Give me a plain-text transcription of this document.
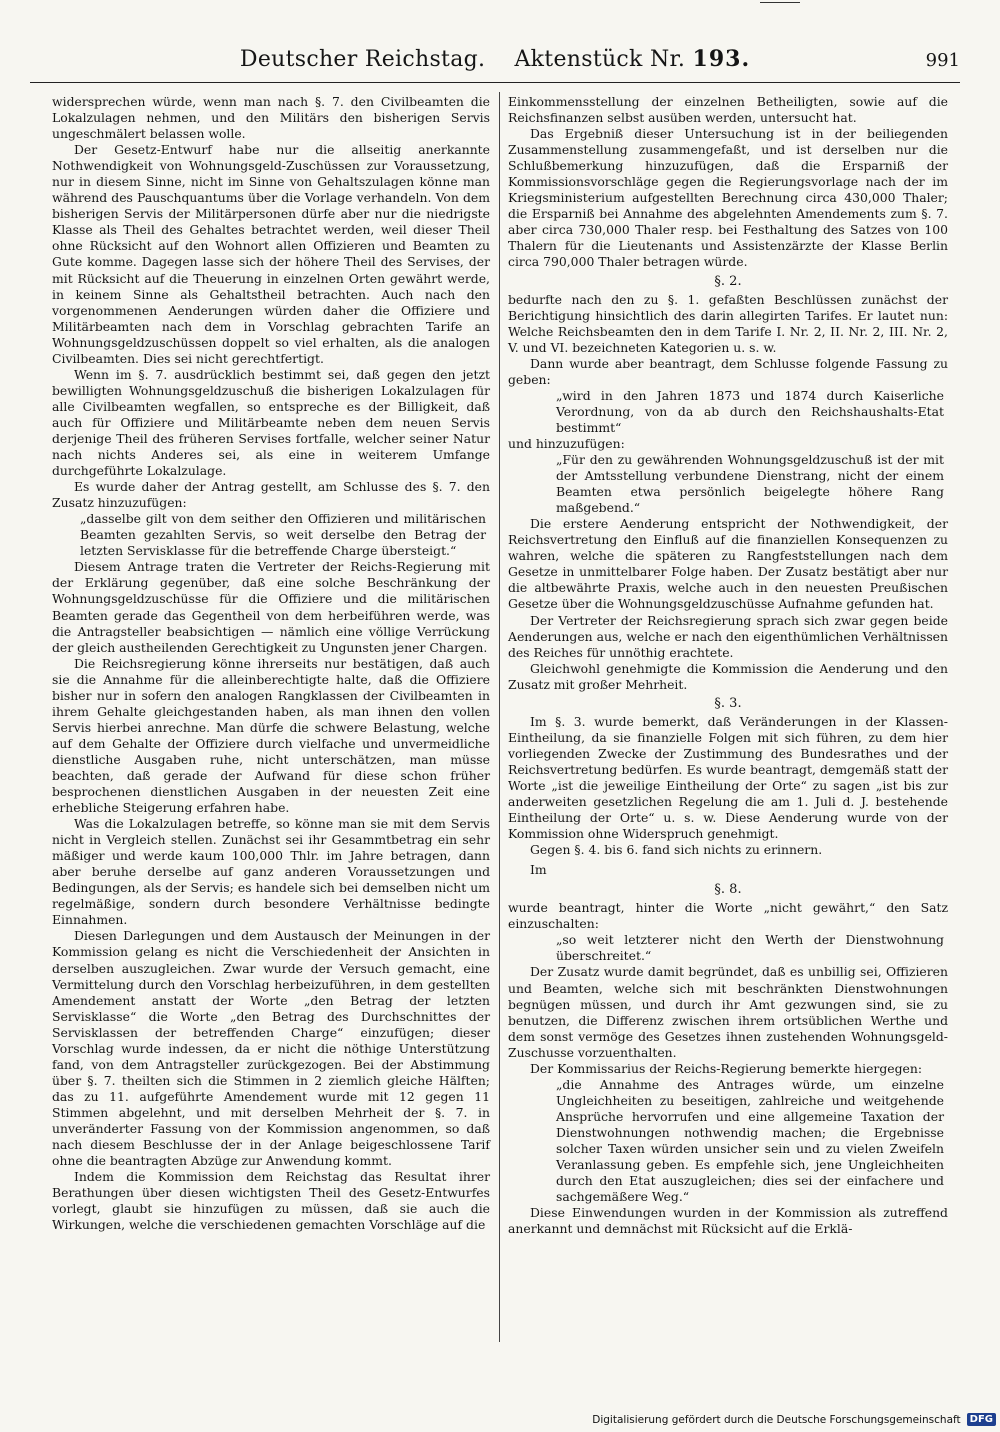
Deutscher Reichstag. Aktenstück Nr. 193.	991

widersprechen würde, wenn man nach §. 7. den Civilbeamten die Lokalzulagen nehmen, und den Militärs den bisherigen Servis ungeschmälert belassen wolle.

Der Gesetz-Entwurf habe nur die allseitig anerkannte Nothwendigkeit von Wohnungsgeld-Zuschüssen zur Voraussetzung, nur in diesem Sinne, nicht im Sinne von Gehaltszulagen könne man während des Pauschquantums über die Vorlage verhandeln. Von dem bisherigen Servis der Militärpersonen dürfe aber nur die niedrigste Klasse als Theil des Gehaltes betrachtet werden, weil dieser Theil ohne Rücksicht auf den Wohnort allen Offizieren und Beamten zu Gute komme. Dagegen lasse sich der höhere Theil des Servises, der mit Rücksicht auf die Theuerung in einzelnen Orten gewährt werde, in keinem Sinne als Gehaltstheil betrachten. Auch nach den vorgenommenen Aenderungen würden daher die Offiziere und Militärbeamten nach dem in Vorschlag gebrachten Tarife an Wohnungsgeldzuschüssen doppelt so viel erhalten, als die analogen Civilbeamten. Dies sei nicht gerechtfertigt.

Wenn im §. 7. ausdrücklich bestimmt sei, daß gegen den jetzt bewilligten Wohnungsgeldzuschuß die bisherigen Lokalzulagen für alle Civilbeamten wegfallen, so entspreche es der Billigkeit, daß auch für Offiziere und Militärbeamte neben dem neuen Servis derjenige Theil des früheren Servises fortfalle, welcher seiner Natur nach nichts Anderes sei, als eine in weiterem Umfange durchgeführte Lokalzulage.

Es wurde daher der Antrag gestellt, am Schlusse des §. 7. den Zusatz hinzuzufügen:

„dasselbe gilt von dem seither den Offizieren und militärischen Beamten gezahlten Servis, so weit derselbe den Betrag der letzten Servisklasse für die betreffende Charge übersteigt.“

Diesem Antrage traten die Vertreter der Reichs-Regierung mit der Erklärung gegenüber, daß eine solche Beschränkung der Wohnungsgeldzuschüsse für die Offiziere und die militärischen Beamten gerade das Gegentheil von dem herbeiführen werde, was die Antragsteller beabsichtigen — nämlich eine völlige Verrückung der gleich austheilenden Gerechtigkeit zu Ungunsten jener Chargen.

Die Reichsregierung könne ihrerseits nur bestätigen, daß auch sie die Annahme für die alleinberechtigte halte, daß die Offiziere bisher nur in sofern den analogen Rangklassen der Civilbeamten in ihrem Gehalte gleichgestanden haben, als man ihnen den vollen Servis hierbei anrechne. Man dürfe die schwere Belastung, welche auf dem Gehalte der Offiziere durch vielfache und unvermeidliche dienstliche Ausgaben ruhe, nicht unterschätzen, man müsse beachten, daß gerade der Aufwand für diese schon früher besprochenen dienstlichen Ausgaben in der neuesten Zeit eine erhebliche Steigerung erfahren habe.

Was die Lokalzulagen betreffe, so könne man sie mit dem Servis nicht in Vergleich stellen. Zunächst sei ihr Gesammtbetrag ein sehr mäßiger und werde kaum 100,000 Thlr. im Jahre betragen, dann aber beruhe derselbe auf ganz anderen Voraussetzungen und Bedingungen, als der Servis; es handele sich bei demselben nicht um regelmäßige, sondern durch besondere Verhältnisse bedingte Einnahmen.

Diesen Darlegungen und dem Austausch der Meinungen in der Kommission gelang es nicht die Verschiedenheit der Ansichten in derselben auszugleichen. Zwar wurde der Versuch gemacht, eine Vermittelung durch den Vorschlag herbeizuführen, in dem gestellten Amendement anstatt der Worte „den Betrag der letzten Servisklasse“ die Worte „den Betrag des Durchschnittes der Servisklassen der betreffenden Charge“ einzufügen; dieser Vorschlag wurde indessen, da er nicht die nöthige Unterstützung fand, von dem Antragsteller zurückgezogen. Bei der Abstimmung über §. 7. theilten sich die Stimmen in 2 ziemlich gleiche Hälften; das zu 11. aufgeführte Amendement wurde mit 12 gegen 11 Stimmen abgelehnt, und mit derselben Mehrheit der §. 7. in unveränderter Fassung von der Kommission angenommen, so daß nach diesem Beschlusse der in der Anlage beigeschlossene Tarif ohne die beantragten Abzüge zur Anwendung kommt.

Indem die Kommission dem Reichstag das Resultat ihrer Berathungen über diesen wichtigsten Theil des Gesetz-Entwurfes vorlegt, glaubt sie hinzufügen zu müssen, daß sie auch die Wirkungen, welche die verschiedenen gemachten Vorschläge auf die

Einkommensstellung der einzelnen Betheiligten, sowie auf die Reichsfinanzen selbst ausüben werden, untersucht hat.

Das Ergebniß dieser Untersuchung ist in der beiliegenden Zusammenstellung zusammengefaßt, und ist derselben nur die Schlußbemerkung hinzuzufügen, daß die Ersparniß der Kommissionsvorschläge gegen die Regierungsvorlage nach der im Kriegsministerium aufgestellten Berechnung circa 430,000 Thaler; die Ersparniß bei Annahme des abgelehnten Amendements zum §. 7. aber circa 730,000 Thaler resp. bei Festhaltung des Satzes von 100 Thalern für die Lieutenants und Assistenzärzte der Klasse Berlin circa 790,000 Thaler betragen würde.

§. 2.

bedurfte nach den zu §. 1. gefaßten Beschlüssen zunächst der Berichtigung hinsichtlich des darin allegirten Tarifes. Er lautet nun: Welche Reichsbeamten den in dem Tarife I. Nr. 2, II. Nr. 2, III. Nr. 2, V. und VI. bezeichneten Kategorien u. s. w.

Dann wurde aber beantragt, dem Schlusse folgende Fassung zu geben:

„wird in den Jahren 1873 und 1874 durch Kaiserliche Verordnung, von da ab durch den Reichshaushalts-Etat bestimmt“

und hinzuzufügen:

„Für den zu gewährenden Wohnungsgeldzuschuß ist der mit der Amtsstellung verbundene Dienstrang, nicht der einem Beamten etwa persönlich beigelegte höhere Rang maßgebend.“

Die erstere Aenderung entspricht der Nothwendigkeit, der Reichsvertretung den Einfluß auf die finanziellen Konsequenzen zu wahren, welche die späteren zu Rangfeststellungen nach dem Gesetze in unmittelbarer Folge haben. Der Zusatz bestätigt aber nur die altbewährte Praxis, welche auch in den neuesten Preußischen Gesetze über die Wohnungsgeldzuschüsse Aufnahme gefunden hat.

Der Vertreter der Reichsregierung sprach sich zwar gegen beide Aenderungen aus, welche er nach den eigenthümlichen Verhältnissen des Reiches für unnöthig erachtete.

Gleichwohl genehmigte die Kommission die Aenderung und den Zusatz mit großer Mehrheit.

§. 3.

Im §. 3. wurde bemerkt, daß Veränderungen in der Klassen-Eintheilung, da sie finanzielle Folgen mit sich führen, zu dem hier vorliegenden Zwecke der Zustimmung des Bundesrathes und der Reichsvertretung bedürfen. Es wurde beantragt, demgemäß statt der Worte „ist die jeweilige Eintheilung der Orte“ zu sagen „ist bis zur anderweiten gesetzlichen Regelung die am 1. Juli d. J. bestehende Eintheilung der Orte“ u. s. w. Diese Aenderung wurde von der Kommission ohne Widerspruch genehmigt.

Gegen §. 4. bis 6. fand sich nichts zu erinnern.

Im

§. 8.

wurde beantragt, hinter die Worte „nicht gewährt,“ den Satz einzuschalten:

„so weit letzterer nicht den Werth der Dienstwohnung überschreitet.“

Der Zusatz wurde damit begründet, daß es unbillig sei, Offizieren und Beamten, welche sich mit beschränkten Dienstwohnungen begnügen müssen, und durch ihr Amt gezwungen sind, sie zu benutzen, die Differenz zwischen ihrem ortsüblichen Werthe und dem sonst vermöge des Gesetzes ihnen zustehenden Wohnungsgeld-Zuschusse vorzuenthalten.

Der Kommissarius der Reichs-Regierung bemerkte hiergegen:

„die Annahme des Antrages würde, um einzelne Ungleichheiten zu beseitigen, zahlreiche und weitgehende Ansprüche hervorrufen und eine allgemeine Taxation der Dienstwohnungen nothwendig machen; die Ergebnisse solcher Taxen würden unsicher sein und zu vielen Zweifeln Veranlassung geben. Es empfehle sich, jene Ungleichheiten durch den Etat auszugleichen; dies sei der einfachere und sachgemäßere Weg.“

Diese Einwendungen wurden in der Kommission als zutreffend anerkannt und demnächst mit Rücksicht auf die Erklä-

Digitalisierung gefördert durch die Deutsche Forschungsgemeinschaft DFG
